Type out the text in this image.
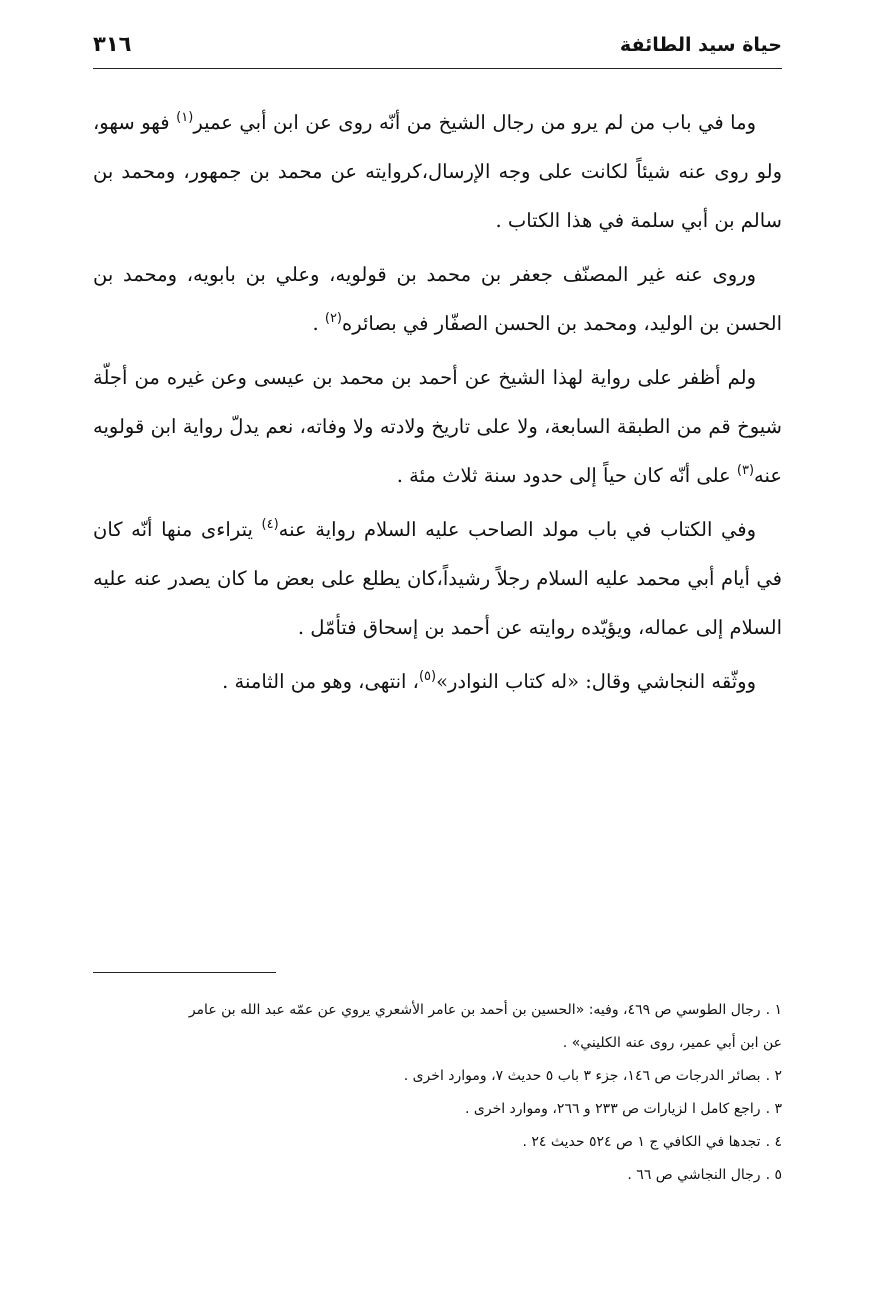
حياة سيد الطائفة
٣١٦

وما في باب من لم يرو من رجال الشيخ من أنّه روى عن ابن أبي عمير$^{(١)}$ فهو سهو، ولو روى عنه شيئاً لكانت على وجه الإرسال،كروايته عن محمد بن جمهور، ومحمد بن سالم بن أبي سلمة في هذا الكتاب .

وروى عنه غير المصنّف جعفر بن محمد بن قولويه، وعلي بن بابويه، ومحمد بن الحسن بن الوليد، ومحمد بن الحسن الصفّار في بصائره$^{(٢)}$ .

ولم أظفر على رواية لهذا الشيخ عن أحمد بن محمد بن عيسى وعن غيره من أجلّة شيوخ قم من الطبقة السابعة، ولا على تاريخ ولادته ولا وفاته، نعم يدلّ رواية ابن قولويه عنه$^{(٣)}$ على أنّه كان حياً إلى حدود سنة ثلاث مئة .

وفي الكتاب في باب مولد الصاحب عليه السلام رواية عنه$^{(٤)}$ يتراءى منها أنّه كان في أيام أبي محمد عليه السلام رجلاً رشيداً،كان يطلع على بعض ما كان يصدر عنه عليه السلام إلى عماله، ويؤيّده روايته عن أحمد بن إسحاق فتأمّل .

ووثّقه النجاشي وقال: «له كتاب النوادر»$^{(٥)}$، انتهى، وهو من الثامنة .

١ .رجال الطوسي ص ٤٦٩، وفيه: «الحسين بن أحمد بن عامر الأشعري يروي عن عمّه عبد الله بن عامر

عن ابن أبي عمير، روى عنه الكليني» .

٢ .بصائر الدرجات ص ١٤٦، جزء ٣ باب ٥ حديث ٧، وموارد اخرى .

٣ .راجع كامل ا لزيارات ص ٢٣٣ و ٢٦٦، وموارد اخرى .

٤ .تجدها في الكافي ج ١ ص ٥٢٤ حديث ٢٤ .

٥ .رجال النجاشي ص ٦٦ .
